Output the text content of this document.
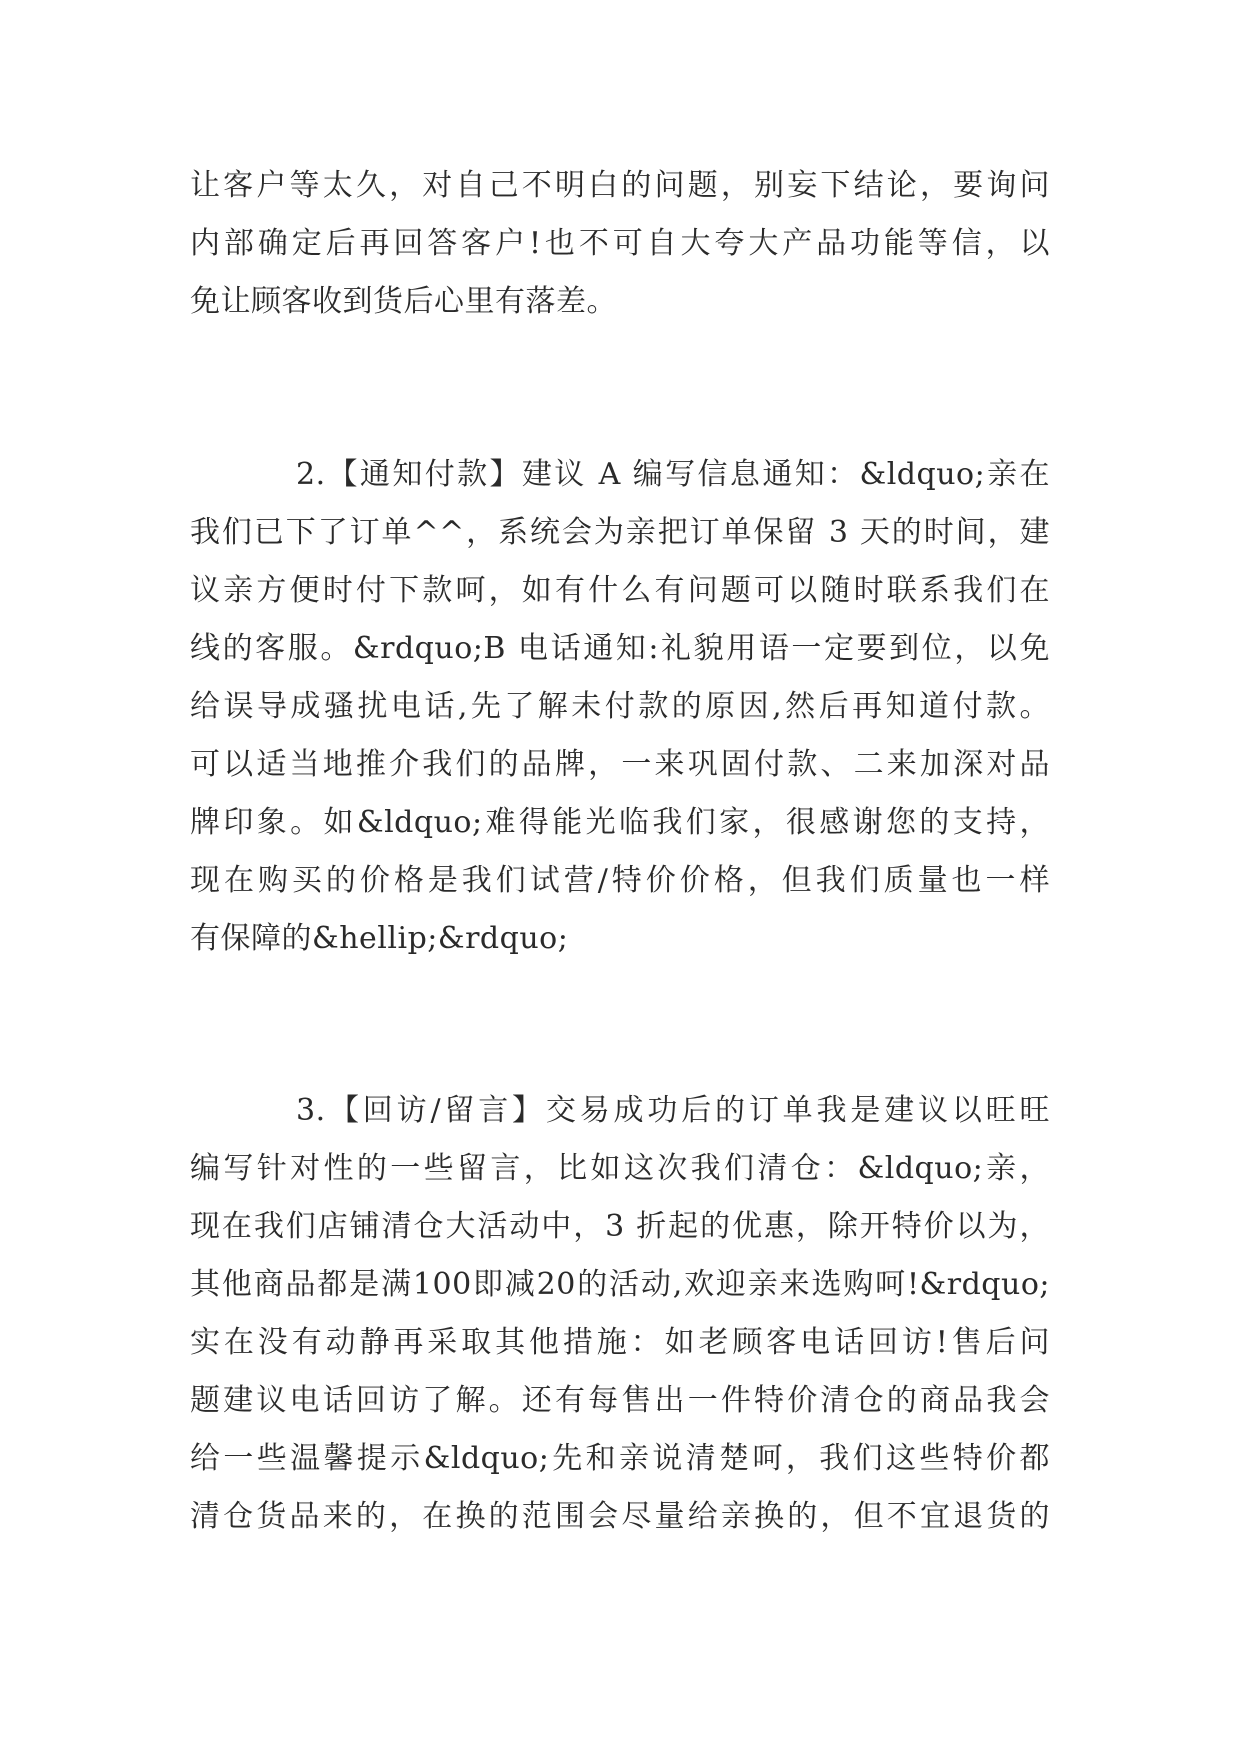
让客户等太久，对自己不明白的问题，别妄下结论，要询问
内部确定后再回答客户!也不可自大夸大产品功能等信，以
免让顾客收到货后心里有落差。
2.【通知付款】建议 A 编写信息通知：&ldquo;亲在
我们已下了订单^^，系统会为亲把订单保留 3 天的时间，建
议亲方便时付下款呵，如有什么有问题可以随时联系我们在
线的客服。&rdquo;B 电话通知:礼貌用语一定要到位，以免
给误导成骚扰电话,先了解未付款的原因,然后再知道付款。
可以适当地推介我们的品牌，一来巩固付款、二来加深对品
牌印象。如&ldquo;难得能光临我们家，很感谢您的支持，
现在购买的价格是我们试营/特价价格，但我们质量也一样
有保障的&hellip;&rdquo;
3.【回访/留言】交易成功后的订单我是建议以旺旺
编写针对性的一些留言，比如这次我们清仓：&ldquo;亲，
现在我们店铺清仓大活动中，3 折起的优惠，除开特价以为，
其他商品都是满100即减20的活动,欢迎亲来选购呵!&rdquo;
实在没有动静再采取其他措施：如老顾客电话回访!售后问
题建议电话回访了解。还有每售出一件特价清仓的商品我会
给一些温馨提示&ldquo;先和亲说清楚呵，我们这些特价都
清仓货品来的，在换的范围会尽量给亲换的，但不宜退货的
